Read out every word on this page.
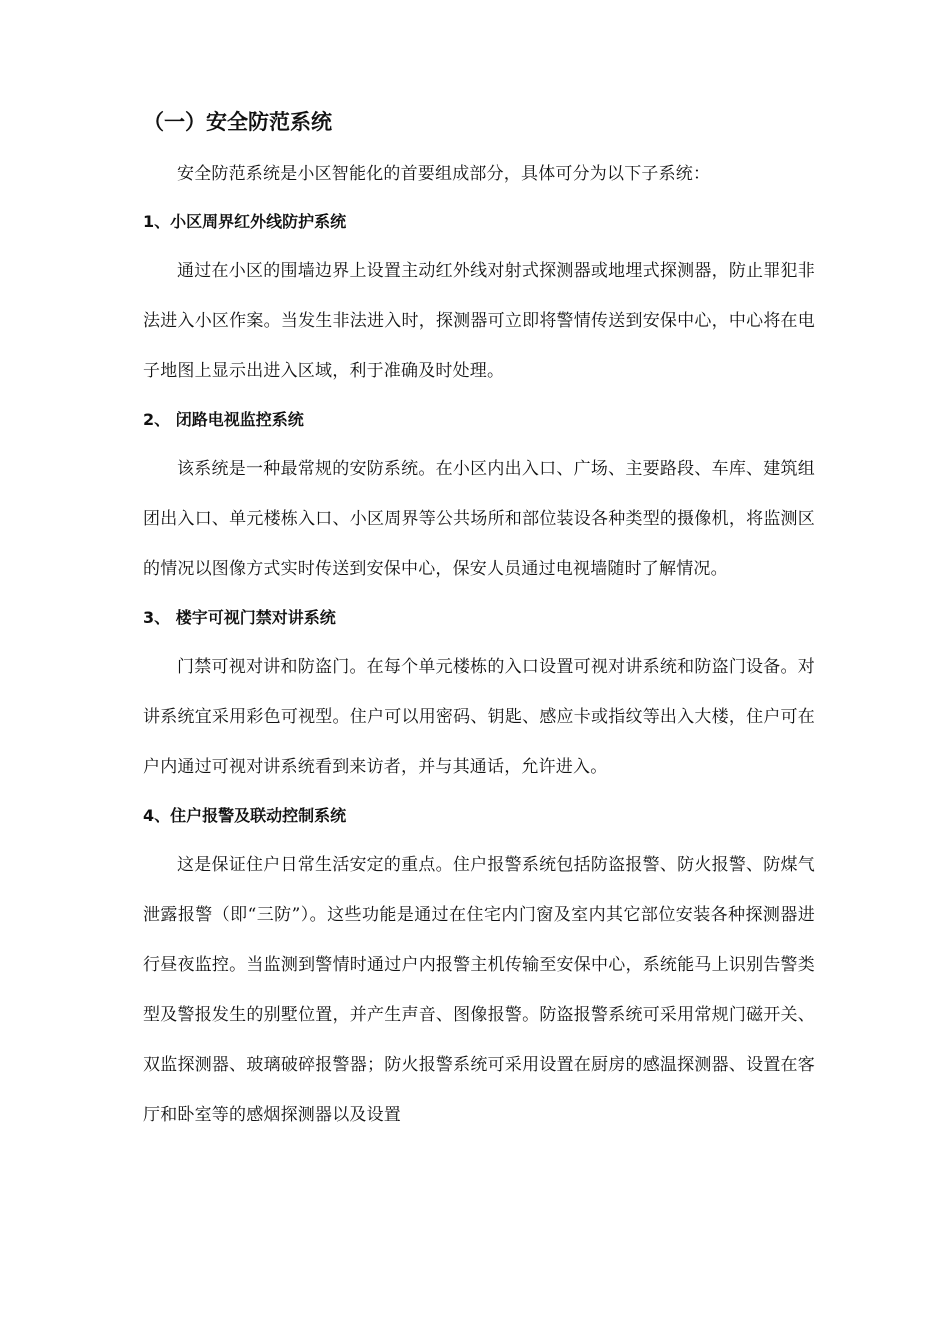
（一）安全防范系统

安全防范系统是小区智能化的首要组成部分，具体可分为以下子系统：

1、小区周界红外线防护系统

通过在小区的围墙边界上设置主动红外线对射式探测器或地埋式探测器，防止罪犯非法进入小区作案。当发生非法进入时，探测器可立即将警情传送到安保中心，中心将在电子地图上显示出进入区域，利于准确及时处理。

2、 闭路电视监控系统

该系统是一种最常规的安防系统。在小区内出入口、广场、主要路段、车库、建筑组团出入口、单元楼栋入口、小区周界等公共场所和部位装设各种类型的摄像机，将监测区的情况以图像方式实时传送到安保中心，保安人员通过电视墙随时了解情况。

3、 楼宇可视门禁对讲系统

门禁可视对讲和防盗门。在每个单元楼栋的入口设置可视对讲系统和防盗门设备。对讲系统宜采用彩色可视型。住户可以用密码、钥匙、感应卡或指纹等出入大楼，住户可在户内通过可视对讲系统看到来访者，并与其通话，允许进入。

4、住户报警及联动控制系统

这是保证住户日常生活安定的重点。住户报警系统包括防盗报警、防火报警、防煤气泄露报警（即“三防”）。这些功能是通过在住宅内门窗及室内其它部位安装各种探测器进行昼夜监控。当监测到警情时通过户内报警主机传输至安保中心，系统能马上识别告警类型及警报发生的别墅位置，并产生声音、图像报警。防盗报警系统可采用常规门磁开关、双监探测器、玻璃破碎报警器；防火报警系统可采用设置在厨房的感温探测器、设置在客厅和卧室等的感烟探测器以及设置
